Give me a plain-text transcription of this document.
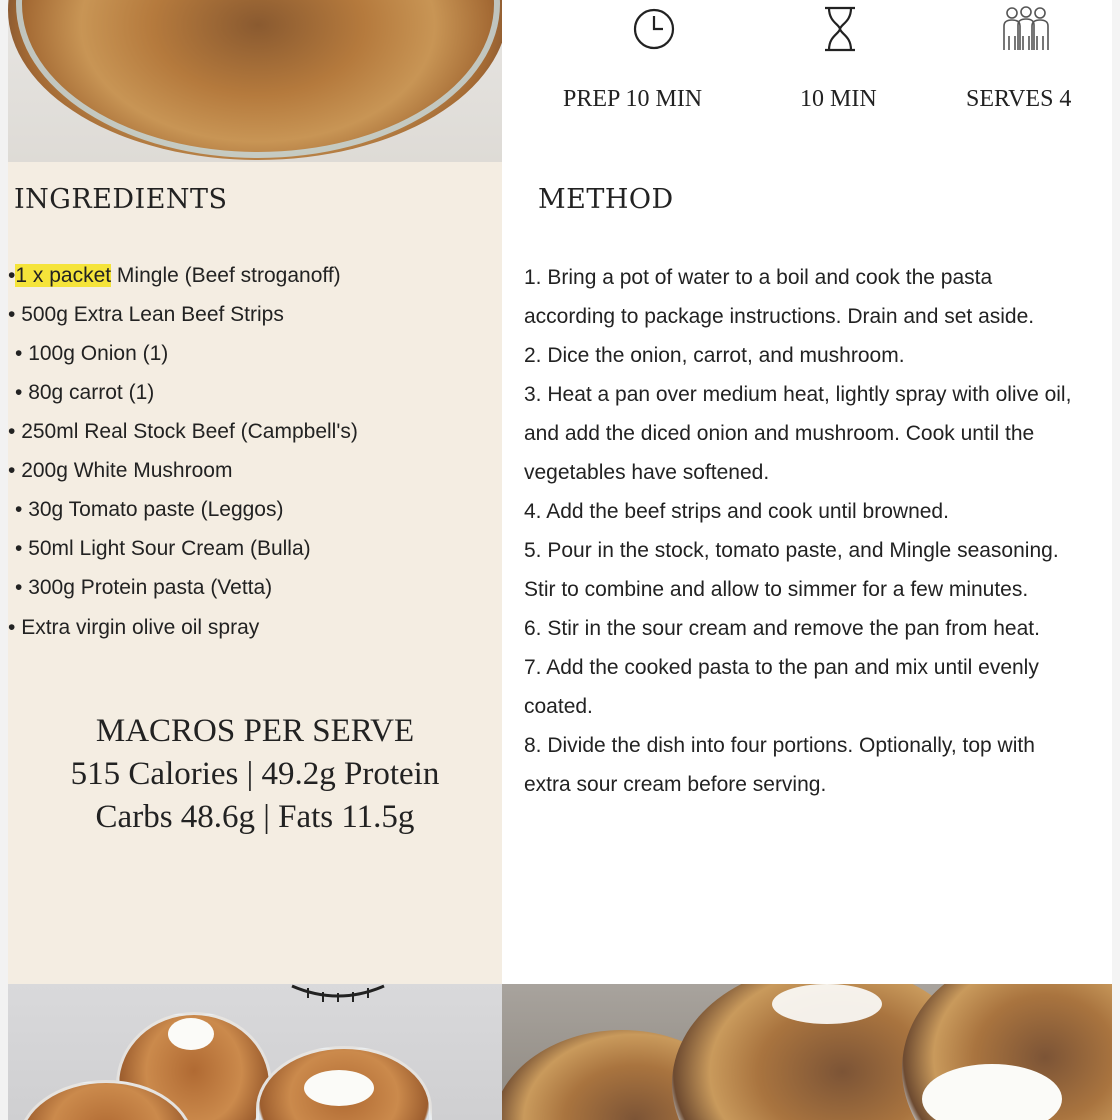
INGREDIENTS
•1 x packet Mingle (Beef stroganoff)
• 500g Extra Lean Beef Strips
• 100g Onion (1)
• 80g carrot (1)
• 250ml Real Stock Beef (Campbell's)
• 200g White Mushroom
• 30g Tomato paste (Leggos)
• 50ml Light Sour Cream (Bulla)
• 300g Protein pasta (Vetta)
• Extra virgin olive oil spray
MACROS PER SERVE
515 Calories | 49.2g Protein
Carbs 48.6g | Fats 11.5g
PREP 10 MIN	10 MIN	SERVES 4
METHOD

1. Bring a pot of water to a boil and cook the pasta according to package instructions. Drain and set aside.

2. Dice the onion, carrot, and mushroom.

3. Heat a pan over medium heat, lightly spray with olive oil, and add the diced onion and mushroom. Cook until the vegetables have softened.

4. Add the beef strips and cook until browned.

5. Pour in the stock, tomato paste, and Mingle seasoning. Stir to combine and allow to simmer for a few minutes.

6. Stir in the sour cream and remove the pan from heat.

7. Add the cooked pasta to the pan and mix until evenly coated.

8. Divide the dish into four portions. Optionally, top with extra sour cream before serving.
